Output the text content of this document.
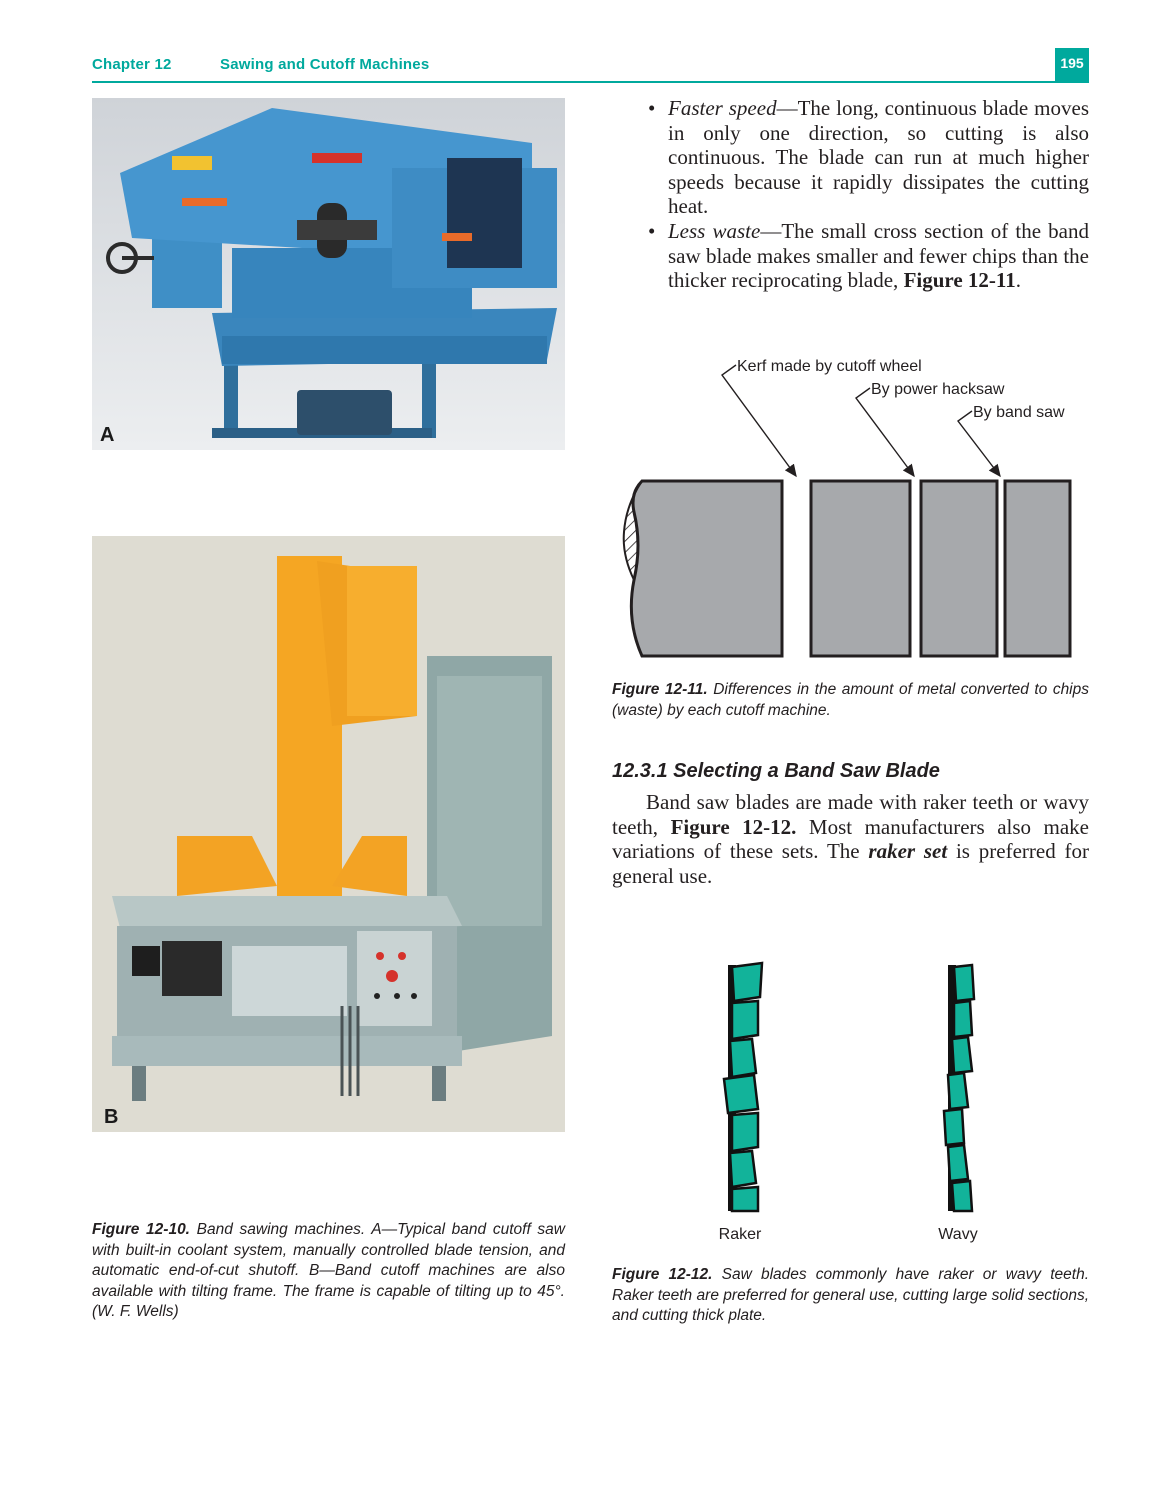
Chapter 12	Sawing and Cutoff Machines	195
A
B
Figure 12-10. Band sawing machines. A—Typical band cutoff saw with built-in coolant system, manually controlled blade tension, and automatic end-of-cut shutoff. B—Band cutoff machines are also available with tilting frame. The frame is capable of tilting up to 45°. (W. F. Wells)
• Faster speed—The long, continuous blade moves in only one direction, so cutting is also continuous. The blade can run at much higher speeds because it rapidly dissipates the cutting heat.
• Less waste—The small cross section of the band saw blade makes smaller and fewer chips than the thicker reciprocating blade, Figure 12-11.
Kerf made by cutoff wheel
By power hacksaw
By band saw
Figure 12-11. Differences in the amount of metal converted to chips (waste) by each cutoff machine.
12.3.1 Selecting a Band Saw Blade
Band saw blades are made with raker teeth or wavy teeth, Figure 12-12. Most manufacturers also make variations of these sets. The raker set is preferred for general use.
Raker	Wavy
Figure 12-12. Saw blades commonly have raker or wavy teeth. Raker teeth are preferred for general use, cutting large solid sections, and cutting thick plate.
